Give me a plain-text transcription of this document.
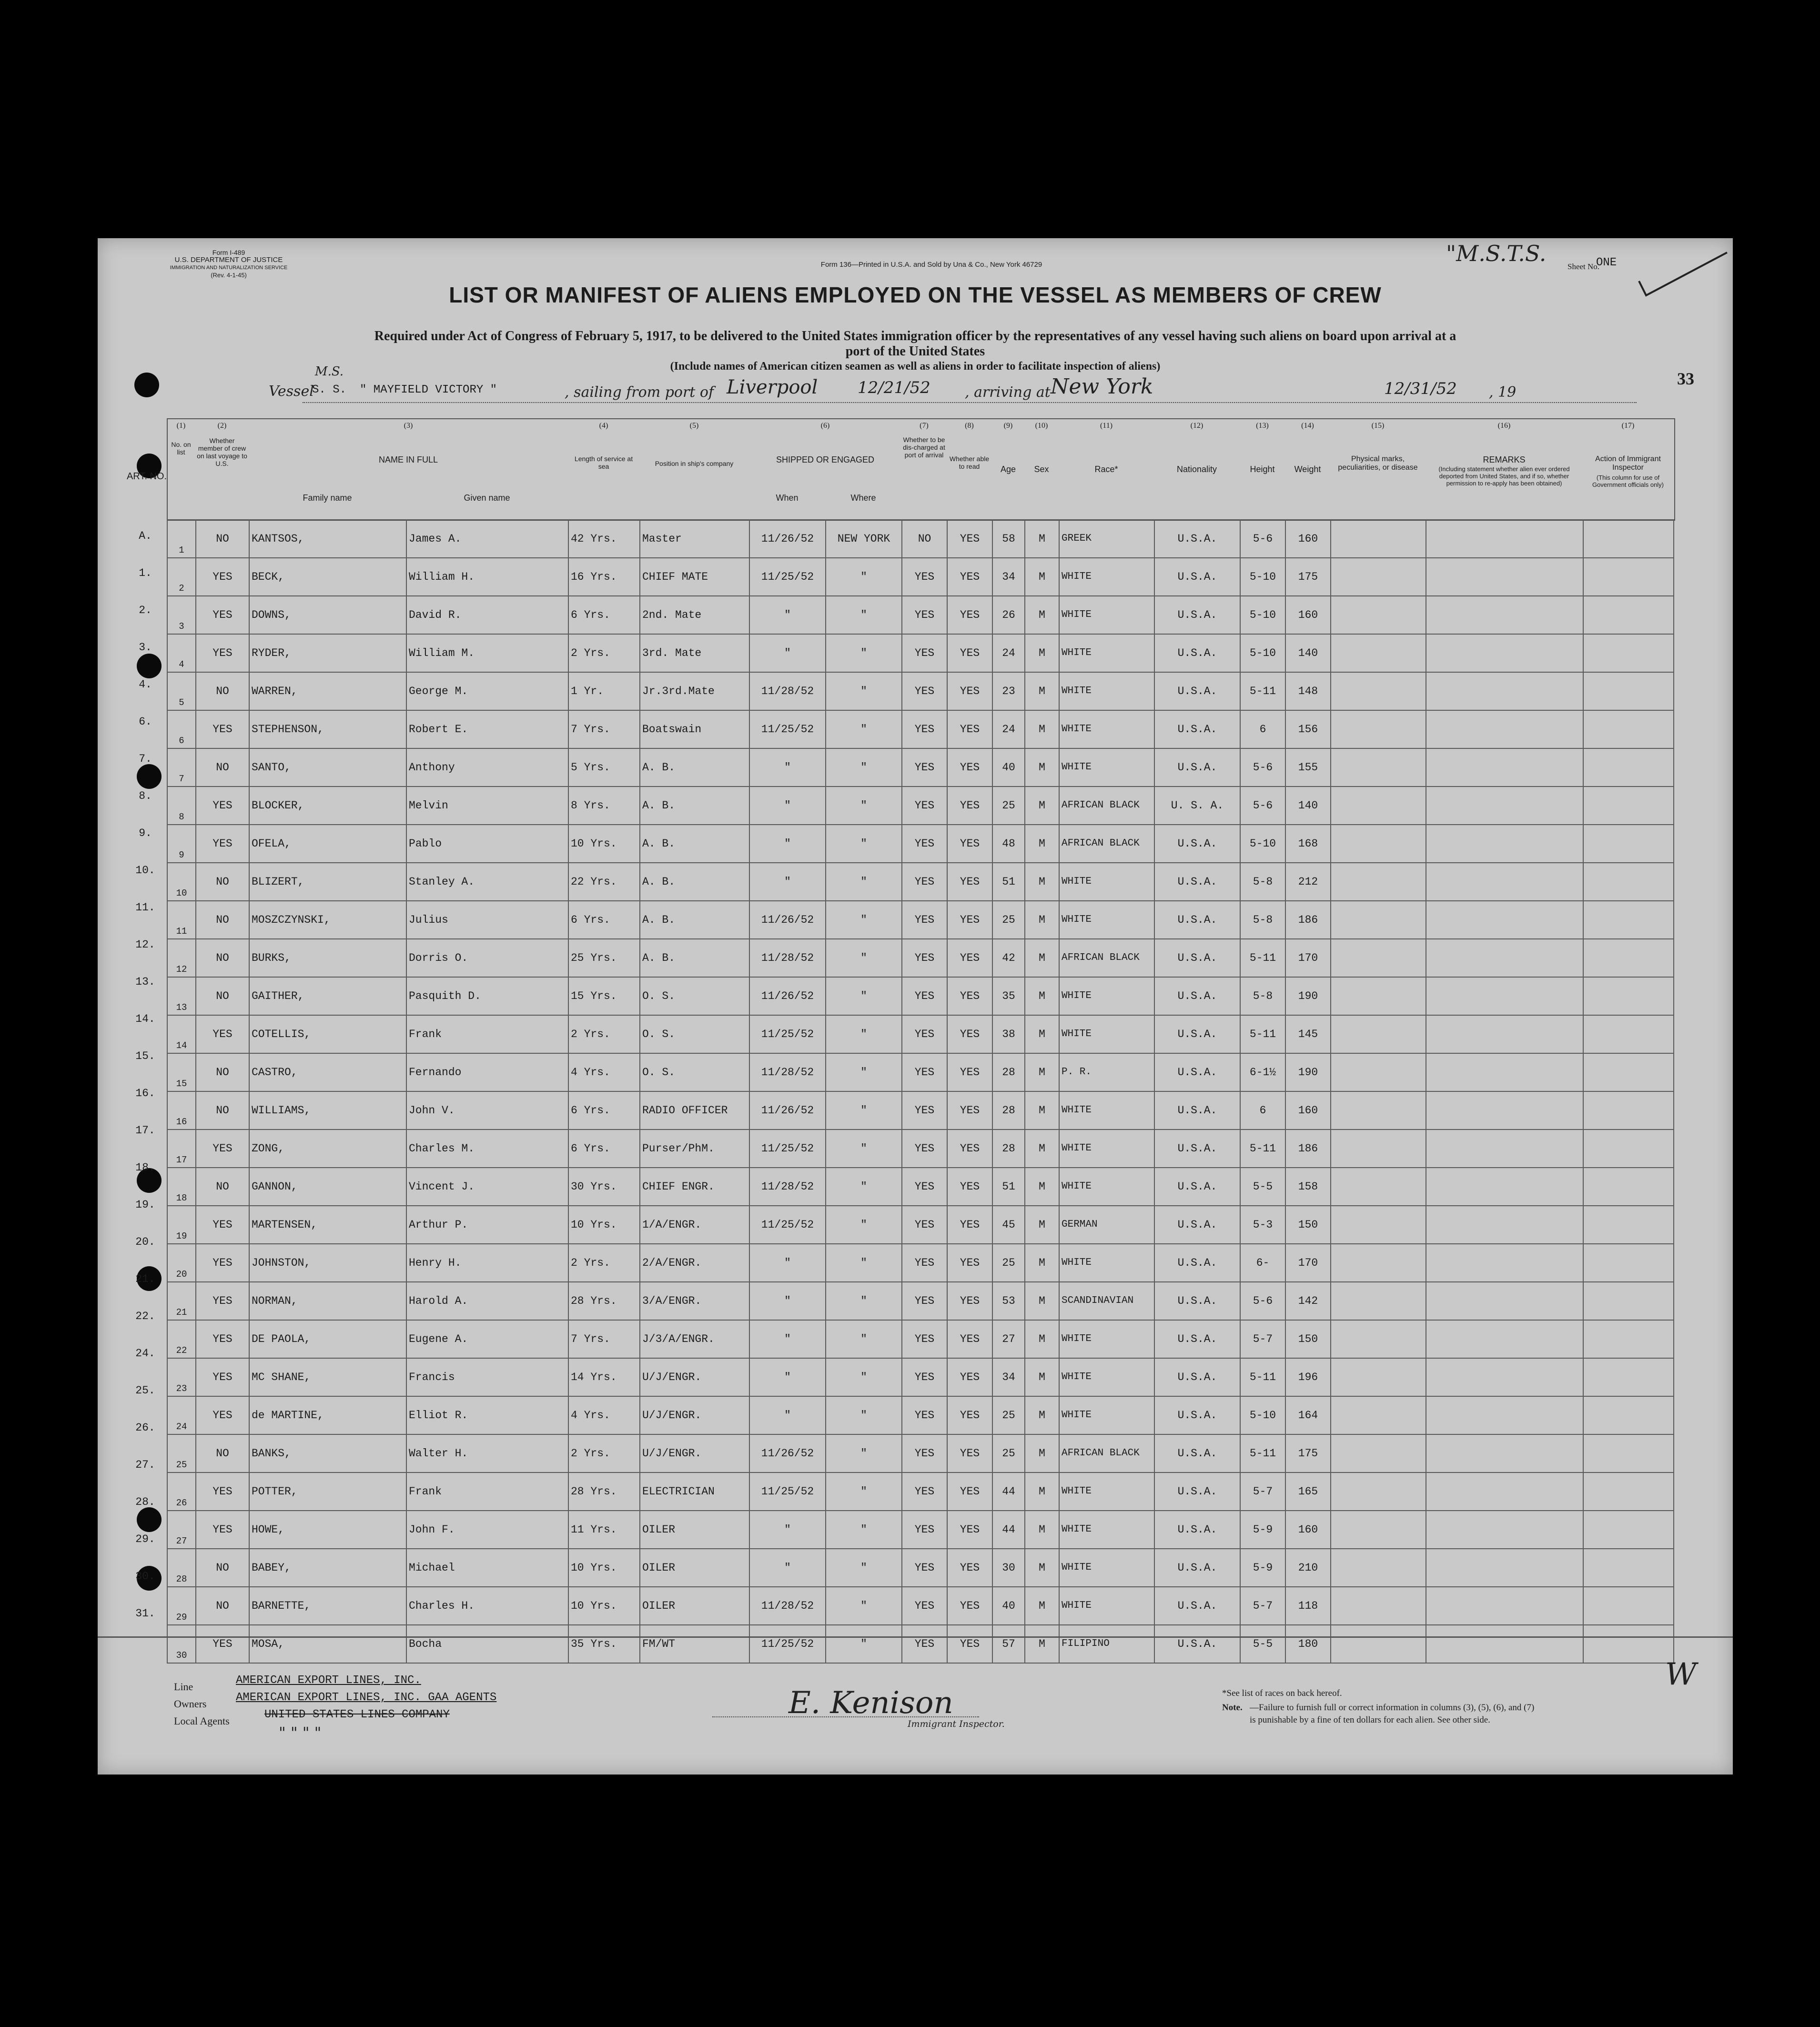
Form I-489
U.S. DEPARTMENT OF JUSTICE
IMMIGRATION AND NATURALIZATION SERVICE
(Rev. 4-1-45)
Form 136—Printed in U.S.A. and Sold by Una & Co., New York 46729	"M.S.T.S.
Sheet No.
ONE
LIST OR MANIFEST OF ALIENS EMPLOYED ON THE VESSEL AS MEMBERS OF CREW
Required under Act of Congress of February 5, 1917, to be delivered to the United States immigration officer by the representatives of any vessel having such aliens on board upon arrival at a
port of the United States
(Include names of American citizen seamen as well as aliens in order to facilitate inspection of aliens)
33
Vessel
M.S.
S. S. " MAYFIELD VICTORY "	, sailing from port of Liverpool 12/21/52 , arriving at New York	12/31/52 , 19
ART. NO.
(1)
No. on list
(2)
Whether member of crew on last voyage to U.S.
(3)
NAME IN FULL
Family name	Given name
(4)
Length of service at sea
(5)
Position in ship's company
(6)
SHIPPED OR ENGAGED
When	Where
(7)
Whether to be dis-charged at port of arrival
(8)
Whether able to read
(9)
Age
(10)
Sex
(11)
Race*
(12)
Nationality
(13)
Height
(14)
Weight
(15)
Physical marks, peculiarities, or disease
(16)
REMARKS
(Including statement whether alien ever ordered deported from United States, and if so, whether permission to re-apply has been obtained)
(17)
Action of Immigrant Inspector
(This column for use of Government officials only)
A.
1.
2.
3.
4.
6.
7.
8.
9.
10.
11.
12.
13.
14.
15.
16.
17.
18.
19.
20.
21.
22.
24.
25.
26.
27.
28.
29.
30.
31.
1	NO	KANTSOS,	James A.	42 Yrs.	Master	11/26/52	NEW YORK	NO	YES	58	M	GREEK	U.S.A.	5-6	160			
2	YES	BECK,	William H.	16 Yrs.	CHIEF MATE	11/25/52	"	YES	YES	34	M	WHITE	U.S.A.	5-10	175			
3	YES	DOWNS,	David R.	6 Yrs.	2nd. Mate	"	"	YES	YES	26	M	WHITE	U.S.A.	5-10	160			
4	YES	RYDER,	William M.	2 Yrs.	3rd. Mate	"	"	YES	YES	24	M	WHITE	U.S.A.	5-10	140			
5	NO	WARREN,	George M.	1 Yr.	Jr.3rd.Mate	11/28/52	"	YES	YES	23	M	WHITE	U.S.A.	5-11	148			
6	YES	STEPHENSON,	Robert E.	7 Yrs.	Boatswain	11/25/52	"	YES	YES	24	M	WHITE	U.S.A.	6	156			
7	NO	SANTO,	Anthony	5 Yrs.	A. B.	"	"	YES	YES	40	M	WHITE	U.S.A.	5-6	155			
8	YES	BLOCKER,	Melvin	8 Yrs.	A. B.	"	"	YES	YES	25	M	AFRICAN BLACK	U. S. A.	5-6	140			
9	YES	OFELA,	Pablo	10 Yrs.	A. B.	"	"	YES	YES	48	M	AFRICAN BLACK	U.S.A.	5-10	168			
10	NO	BLIZERT,	Stanley A.	22 Yrs.	A. B.	"	"	YES	YES	51	M	WHITE	U.S.A.	5-8	212			
11	NO	MOSZCZYNSKI,	Julius	6 Yrs.	A. B.	11/26/52	"	YES	YES	25	M	WHITE	U.S.A.	5-8	186			
12	NO	BURKS,	Dorris O.	25 Yrs.	A. B.	11/28/52	"	YES	YES	42	M	AFRICAN BLACK	U.S.A.	5-11	170			
13	NO	GAITHER,	Pasquith D.	15 Yrs.	O. S.	11/26/52	"	YES	YES	35	M	WHITE	U.S.A.	5-8	190			
14	YES	COTELLIS,	Frank	2 Yrs.	O. S.	11/25/52	"	YES	YES	38	M	WHITE	U.S.A.	5-11	145			
15	NO	CASTRO,	Fernando	4 Yrs.	O. S.	11/28/52	"	YES	YES	28	M	P. R.	U.S.A.	6-1½	190			
16	NO	WILLIAMS,	John V.	6 Yrs.	RADIO OFFICER	11/26/52	"	YES	YES	28	M	WHITE	U.S.A.	6	160			
17	YES	ZONG,	Charles M.	6 Yrs.	Purser/PhM.	11/25/52	"	YES	YES	28	M	WHITE	U.S.A.	5-11	186			
18	NO	GANNON,	Vincent J.	30 Yrs.	CHIEF ENGR.	11/28/52	"	YES	YES	51	M	WHITE	U.S.A.	5-5	158			
19	YES	MARTENSEN,	Arthur P.	10 Yrs.	1/A/ENGR.	11/25/52	"	YES	YES	45	M	GERMAN	U.S.A.	5-3	150			
20	YES	JOHNSTON,	Henry H.	2 Yrs.	2/A/ENGR.	"	"	YES	YES	25	M	WHITE	U.S.A.	6-	170			
21	YES	NORMAN,	Harold A.	28 Yrs.	3/A/ENGR.	"	"	YES	YES	53	M	SCANDINAVIAN	U.S.A.	5-6	142			
22	YES	DE PAOLA,	Eugene A.	7 Yrs.	J/3/A/ENGR.	"	"	YES	YES	27	M	WHITE	U.S.A.	5-7	150			
23	YES	MC SHANE,	Francis	14 Yrs.	U/J/ENGR.	"	"	YES	YES	34	M	WHITE	U.S.A.	5-11	196			
24	YES	de MARTINE,	Elliot R.	4 Yrs.	U/J/ENGR.	"	"	YES	YES	25	M	WHITE	U.S.A.	5-10	164			
25	NO	BANKS,	Walter H.	2 Yrs.	U/J/ENGR.	11/26/52	"	YES	YES	25	M	AFRICAN BLACK	U.S.A.	5-11	175			
26	YES	POTTER,	Frank	28 Yrs.	ELECTRICIAN	11/25/52	"	YES	YES	44	M	WHITE	U.S.A.	5-7	165			
27	YES	HOWE,	John F.	11 Yrs.	OILER	"	"	YES	YES	44	M	WHITE	U.S.A.	5-9	160			
28	NO	BABEY,	Michael	10 Yrs.	OILER	"	"	YES	YES	30	M	WHITE	U.S.A.	5-9	210			
29	NO	BARNETTE,	Charles H.	10 Yrs.	OILER	11/28/52	"	YES	YES	40	M	WHITE	U.S.A.	5-7	118			
30	YES	MOSA,	Bocha	35 Yrs.	FM/WT	11/25/52	"	YES	YES	57	M	FILIPINO	U.S.A.	5-5	180			
Line	AMERICAN EXPORT LINES, INC.
Owners	AMERICAN EXPORT LINES, INC. GAA AGENTS
Local Agents	UNITED STATES LINES COMPANY
" " " "
E. Kenison
Immigrant Inspector.
*See list of races on back hereof.
Note. —Failure to furnish full or correct information in columns (3), (5), (6), and (7)
is punishable by a fine of ten dollars for each alien. See other side.
W
